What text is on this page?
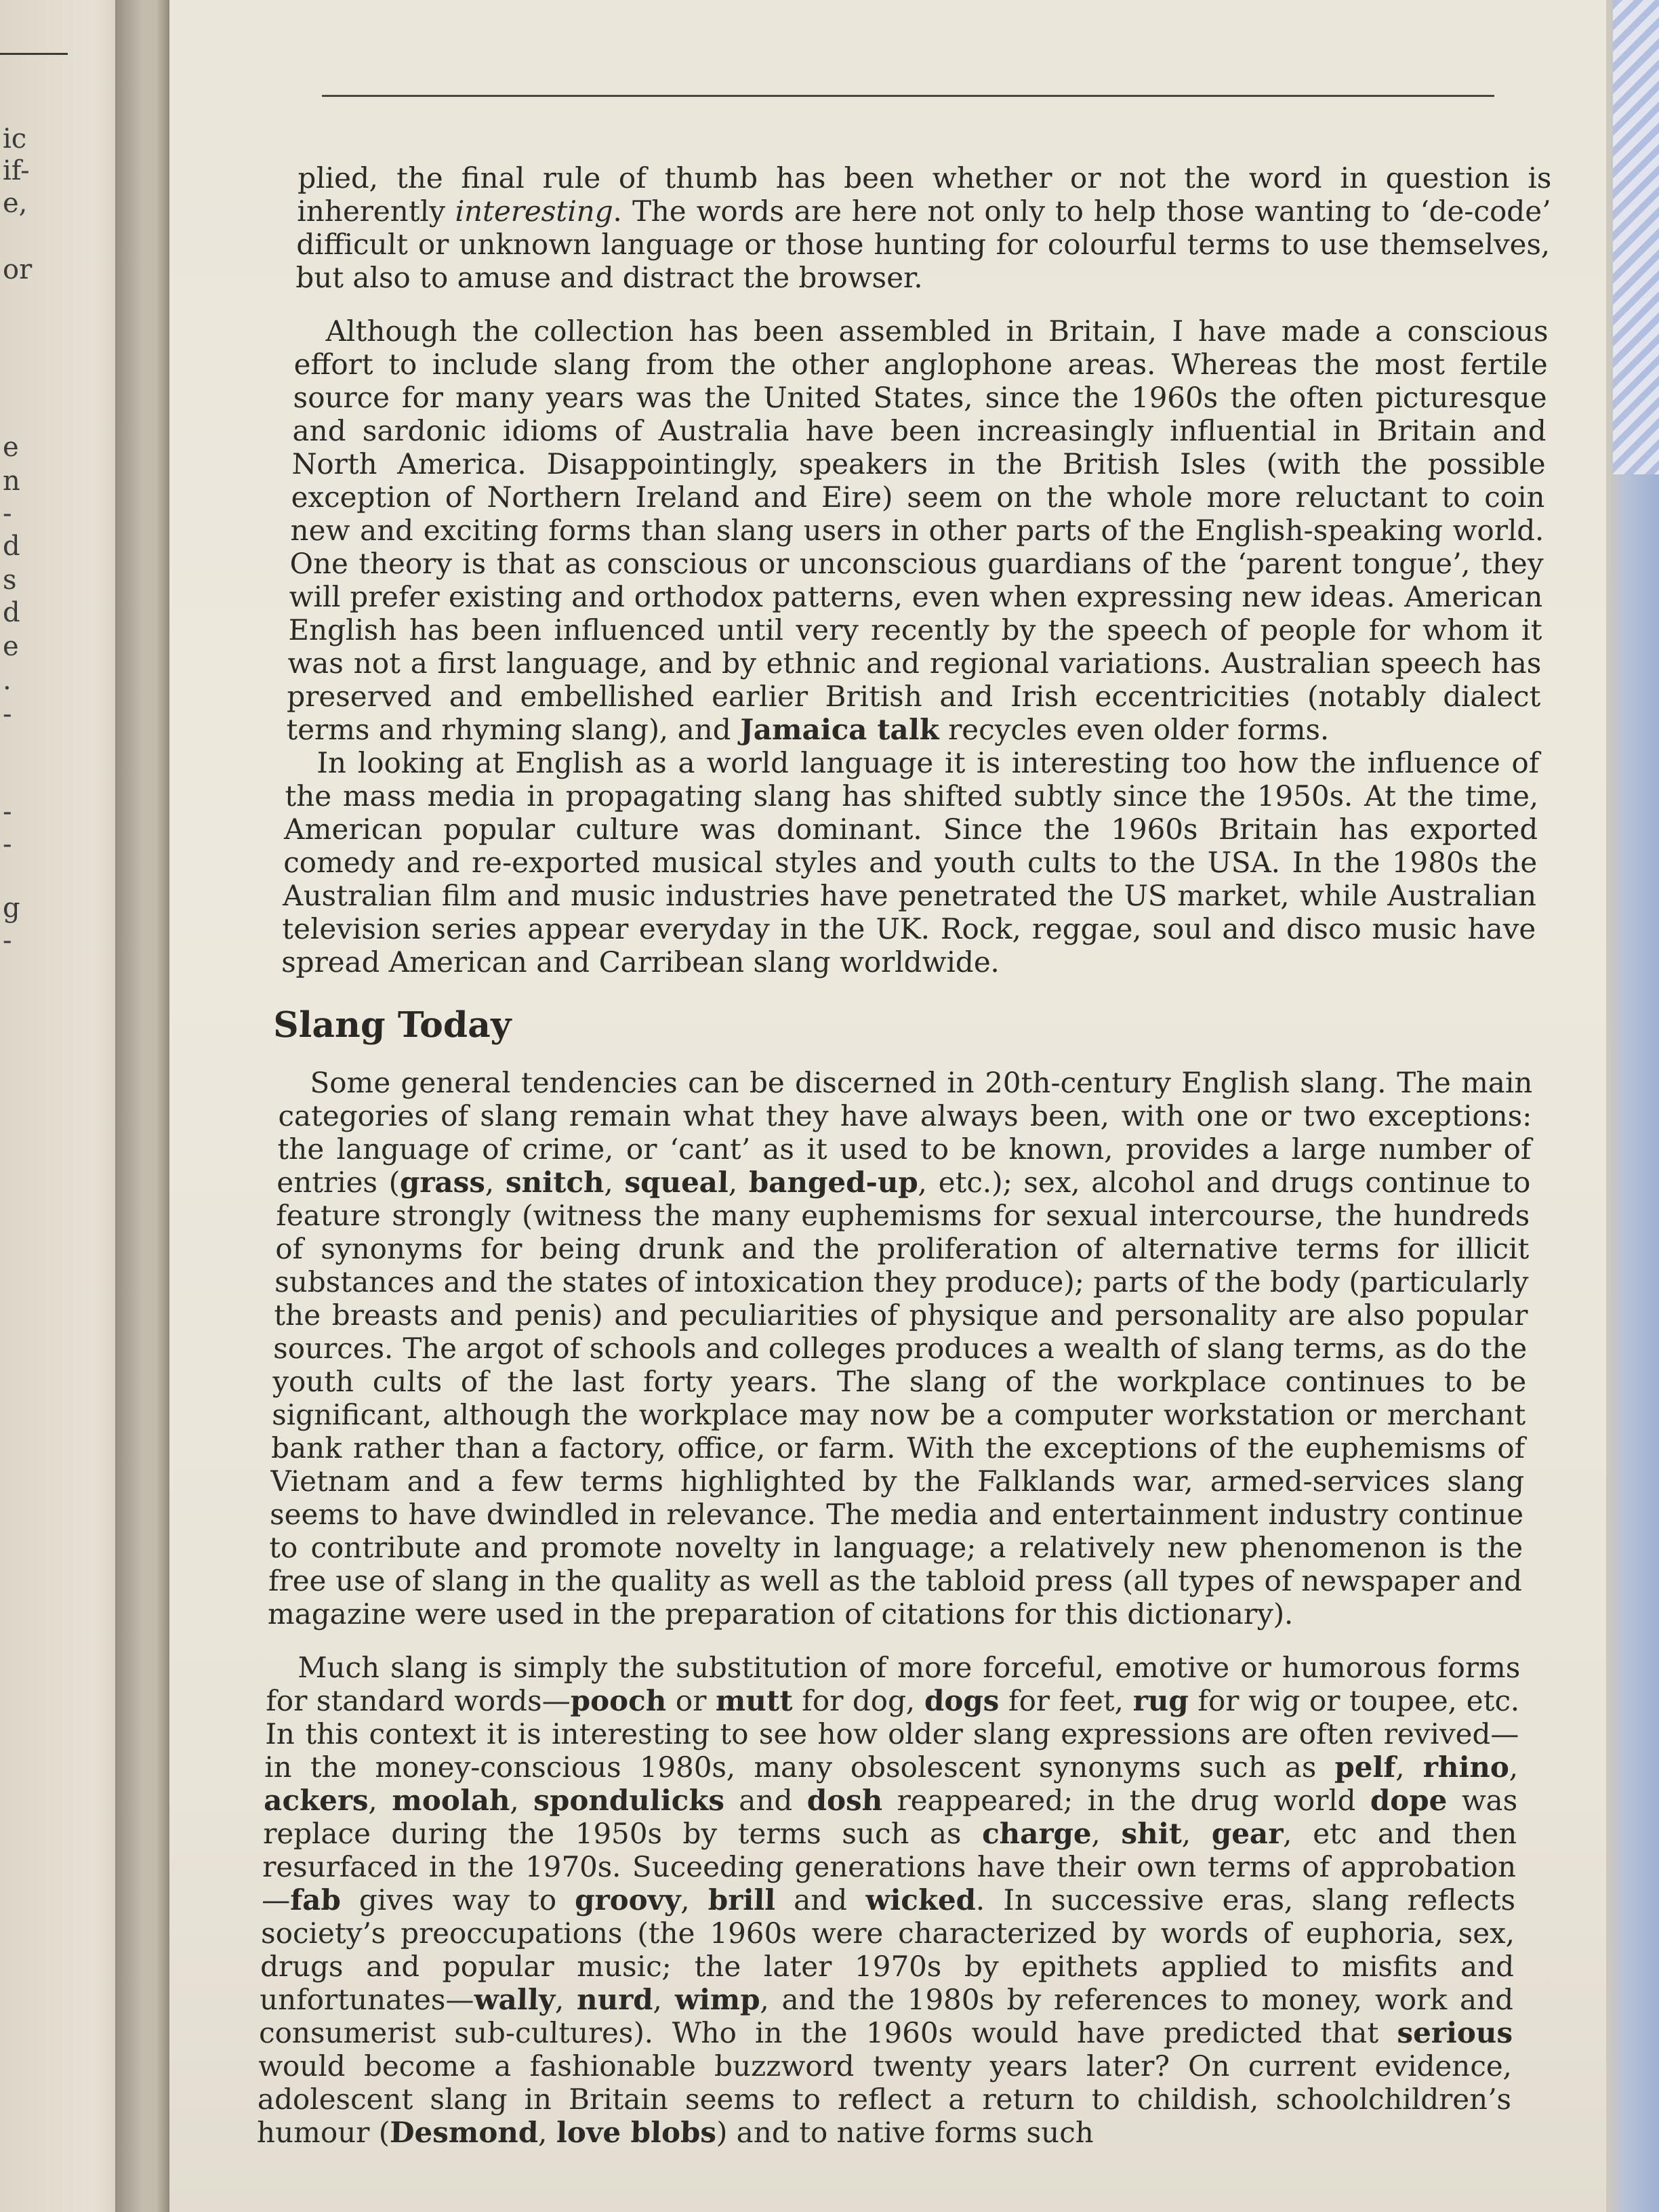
ic
if-
e,
or
e
n
-
d
s
d
e
.
-
-
-
g
-

plied, the final rule of thumb has been whether or not the word in question is inherently interesting. The words are here not only to help those wanting to ‘de-code’ difficult or unknown language or those hunting for colourful terms to use themselves, but also to amuse and distract the browser.

Although the collection has been assembled in Britain, I have made a conscious effort to include slang from the other anglophone areas. Whereas the most fertile source for many years was the United States, since the 1960s the often picturesque and sardonic idioms of Australia have been increasingly influential in Britain and North America. Disappointingly, speakers in the British Isles (with the possible exception of Northern Ireland and Eire) seem on the whole more reluctant to coin new and exciting forms than slang users in other parts of the English-speaking world. One theory is that as conscious or unconscious guardians of the ‘parent tongue’, they will prefer existing and orthodox patterns, even when expressing new ideas. American English has been influenced until very recently by the speech of people for whom it was not a first language, and by ethnic and regional variations. Australian speech has preserved and embellished earlier British and Irish eccentricities (notably dialect terms and rhyming slang), and Jamaica talk recycles even older forms.

In looking at English as a world language it is interesting too how the influence of the mass media in propagating slang has shifted subtly since the 1950s. At the time, American popular culture was dominant. Since the 1960s Britain has exported comedy and re-exported musical styles and youth cults to the USA. In the 1980s the Australian film and music industries have penetrated the US market, while Australian television series appear everyday in the UK. Rock, reggae, soul and disco music have spread American and Carribean slang worldwide.

Slang Today

Some general tendencies can be discerned in 20th-century English slang. The main categories of slang remain what they have always been, with one or two exceptions: the language of crime, or ‘cant’ as it used to be known, provides a large number of entries (grass, snitch, squeal, banged-up, etc.); sex, alcohol and drugs continue to feature strongly (witness the many euphemisms for sexual intercourse, the hundreds of synonyms for being drunk and the proliferation of alternative terms for illicit substances and the states of intoxication they produce); parts of the body (particularly the breasts and penis) and peculiarities of physique and personality are also popular sources. The argot of schools and colleges produces a wealth of slang terms, as do the youth cults of the last forty years. The slang of the workplace continues to be significant, although the workplace may now be a computer workstation or merchant bank rather than a factory, office, or farm. With the exceptions of the euphemisms of Vietnam and a few terms highlighted by the Falklands war, armed-services slang seems to have dwindled in relevance. The media and entertainment industry continue to contribute and promote novelty in language; a relatively new phenomenon is the free use of slang in the quality as well as the tabloid press (all types of newspaper and magazine were used in the preparation of citations for this dictionary).

Much slang is simply the substitution of more forceful, emotive or humorous forms for standard words—pooch or mutt for dog, dogs for feet, rug for wig or toupee, etc. In this context it is interesting to see how older slang expressions are often revived—in the money-conscious 1980s, many obsolescent synonyms such as pelf, rhino, ackers, moolah, spondulicks and dosh reappeared; in the drug world dope was replace during the 1950s by terms such as charge, shit, gear, etc and then resurfaced in the 1970s. Suceeding generations have their own terms of approbation—fab gives way to groovy, brill and wicked. In successive eras, slang reflects society’s preoccupations (the 1960s were characterized by words of euphoria, sex, drugs and popular music; the later 1970s by epithets applied to misfits and unfortunates—wally, nurd, wimp, and the 1980s by references to money, work and consumerist sub-cultures). Who in the 1960s would have predicted that serious would become a fashionable buzzword twenty years later? On current evidence, adolescent slang in Britain seems to reflect a return to childish, schoolchildren’s humour (Desmond, love blobs) and to native forms such
